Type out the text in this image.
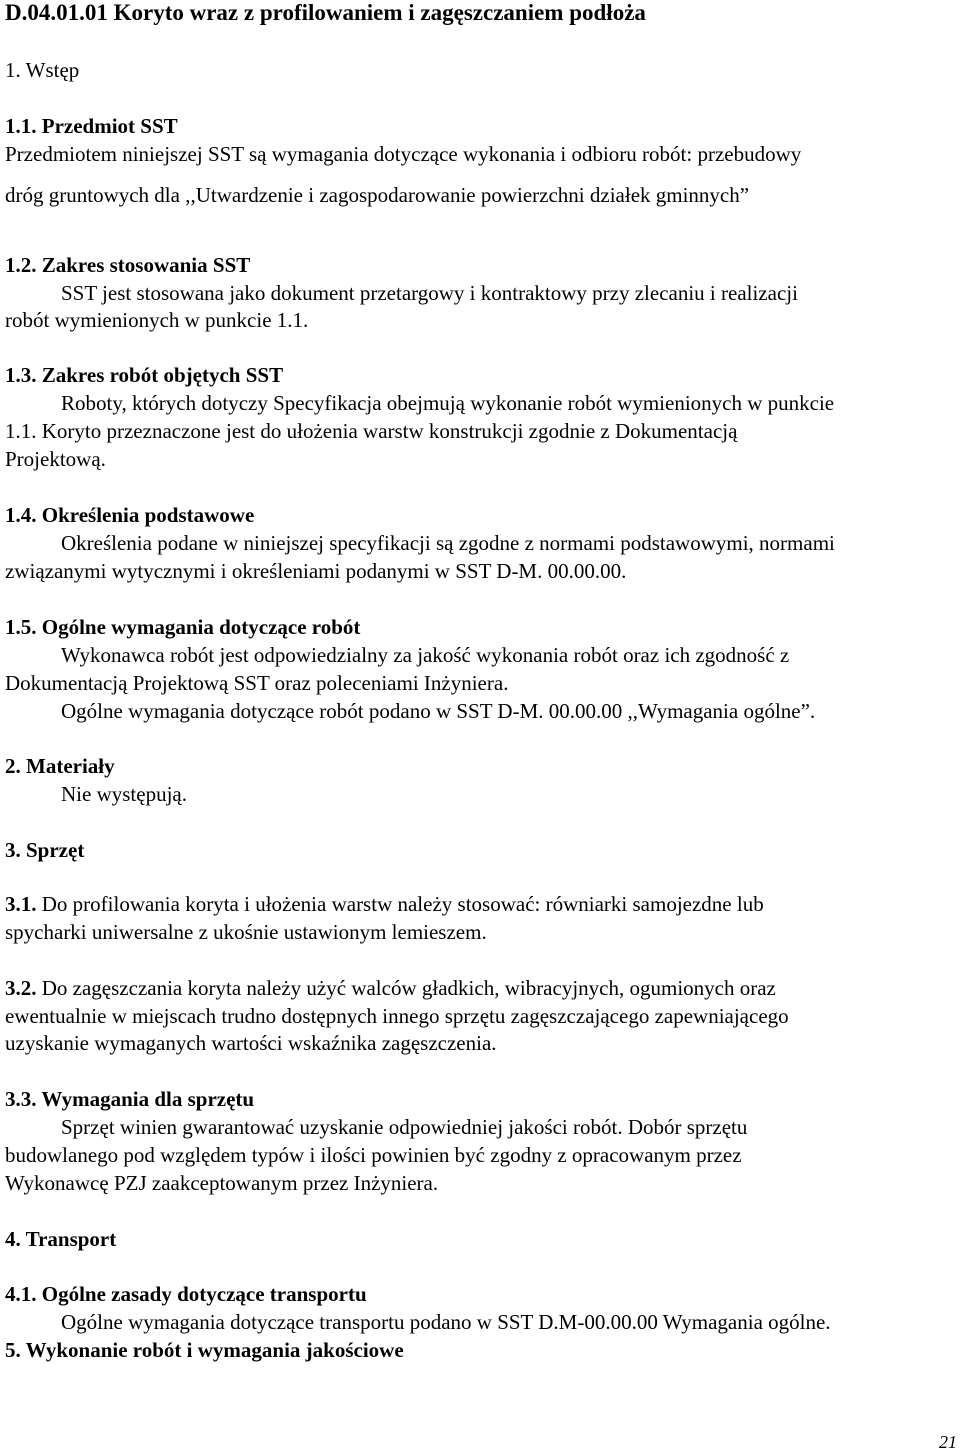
D.04.01.01 Koryto wraz z profilowaniem i zagęszczaniem podłoża
1. Wstęp
1.1. Przedmiot SST
Przedmiotem niniejszej SST są wymagania dotyczące wykonania i odbioru robót: przebudowy
dróg gruntowych dla ,,Utwardzenie i zagospodarowanie powierzchni działek gminnych”
1.2. Zakres stosowania SST
SST jest stosowana jako dokument przetargowy i kontraktowy przy zlecaniu i realizacji
robót wymienionych w punkcie 1.1.
1.3. Zakres robót objętych SST
Roboty, których dotyczy Specyfikacja obejmują wykonanie robót wymienionych w punkcie
1.1. Koryto przeznaczone jest do ułożenia warstw konstrukcji zgodnie z Dokumentacją
Projektową.
1.4. Określenia podstawowe
Określenia podane w niniejszej specyfikacji są zgodne z normami podstawowymi, normami
związanymi wytycznymi i określeniami podanymi w SST D-M. 00.00.00.
1.5. Ogólne wymagania dotyczące robót
Wykonawca robót jest odpowiedzialny za jakość wykonania robót oraz ich zgodność z
Dokumentacją Projektową SST oraz poleceniami Inżyniera.
Ogólne wymagania dotyczące robót podano w SST D-M. 00.00.00 ,,Wymagania ogólne”.
2. Materiały
Nie występują.
3. Sprzęt
3.1. Do profilowania koryta i ułożenia warstw należy stosować: równiarki samojezdne lub
spycharki uniwersalne z ukośnie ustawionym lemieszem.
3.2. Do zagęszczania koryta należy użyć walców gładkich, wibracyjnych, ogumionych oraz
ewentualnie w miejscach trudno dostępnych innego sprzętu zagęszczającego zapewniającego
uzyskanie wymaganych wartości wskaźnika zagęszczenia.
3.3. Wymagania dla sprzętu
Sprzęt winien gwarantować uzyskanie odpowiedniej jakości robót. Dobór sprzętu
budowlanego pod względem typów i ilości powinien być zgodny z opracowanym przez
Wykonawcę PZJ zaakceptowanym przez Inżyniera.
4. Transport
4.1. Ogólne zasady dotyczące transportu
Ogólne wymagania dotyczące transportu podano w SST D.M-00.00.00 Wymagania ogólne.
5. Wykonanie robót i wymagania jakościowe
21
